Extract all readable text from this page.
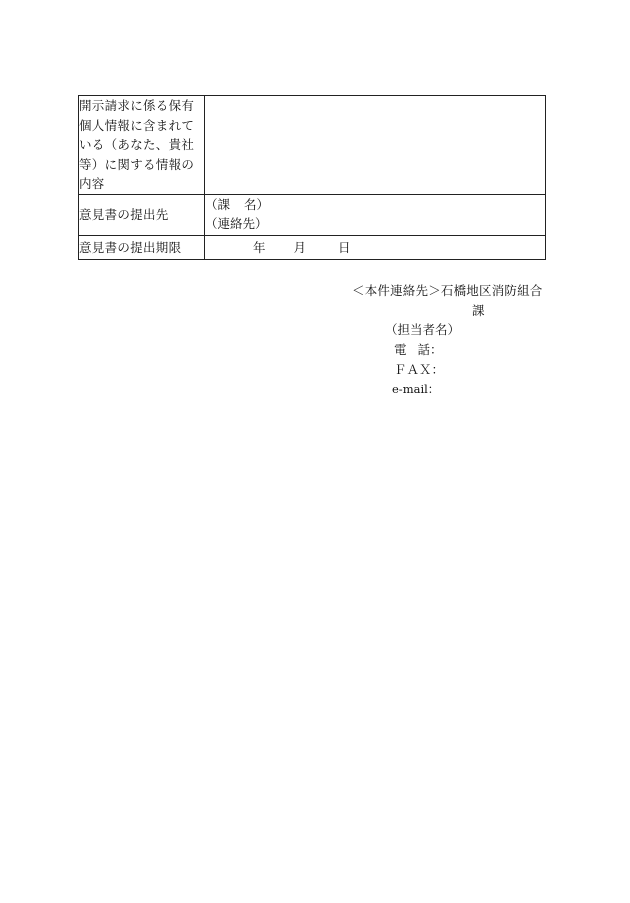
開示請求に係る保有
個人情報に含まれて
いる（あなた、貴社
等）に関する情報の
内容	

意見書の提出先	（課 名）
（連絡先）

意見書の提出期限	年 月 日
＜本件連絡先＞石橋地区消防組合
課
（担当者名）
電 話：
ＦＡＸ：
e-mail：
